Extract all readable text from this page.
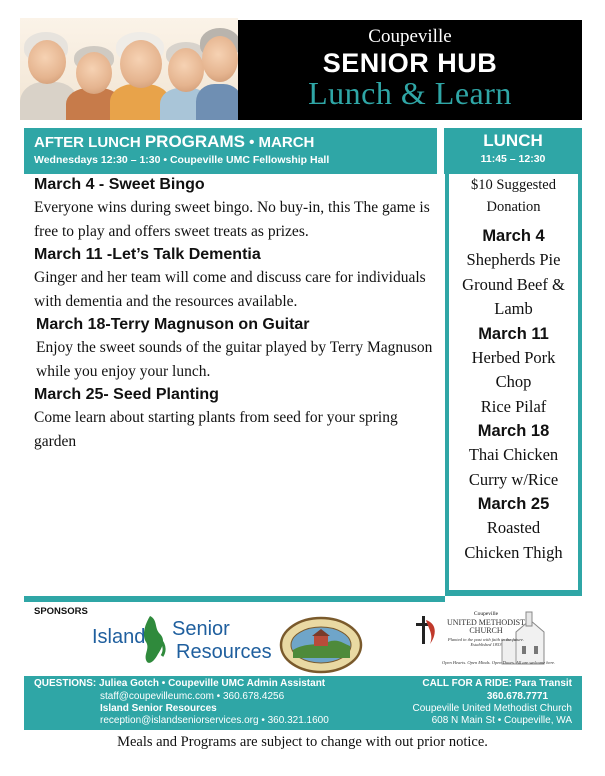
Coupeville
SENIOR HUB
Lunch & Learn
AFTER LUNCH PROGRAMS • MARCH
Wednesdays 12:30 – 1:30 • Coupeville UMC Fellowship Hall
LUNCH
11:45 – 12:30
March 4 - Sweet Bingo
Everyone wins during sweet bingo. No buy-in, this The game is free to play and offers sweet treats as prizes.
March 11 -Let’s Talk Dementia
Ginger and her team will come and discuss care for individuals with dementia and the resources available.
March 18-Terry Magnuson on Guitar
Enjoy the sweet sounds of the guitar played by Terry Magnuson while you enjoy your lunch.
March 25- Seed Planting
Come learn about starting plants from seed for your spring garden
$10 Suggested Donation
March 4
Shepherds Pie
Ground Beef &
Lamb
March 11
Herbed Pork
Chop
Rice Pilaf
March 18
Thai Chicken
Curry w/Rice
March 25
Roasted
Chicken Thigh
SPONSORS
Island Senior
Resources
Coupeville
UNITED METHODIST CHURCH
Planted in the past with faith in the future. Established 1853
Open Hearts. Open Minds. Open Doors. All are welcome here.
QUESTIONS: Juliea Gotch • Coupeville UMC Admin Assistant
staff@coupevilleumc.com • 360.678.4256
Island Senior Resources
reception@islandseniorservices.org • 360.321.1600
CALL FOR A RIDE: Para Transit
360.678.7771
Coupeville United Methodist Church
608 N Main St • Coupeville, WA
Meals and Programs are subject to change with out prior notice.
